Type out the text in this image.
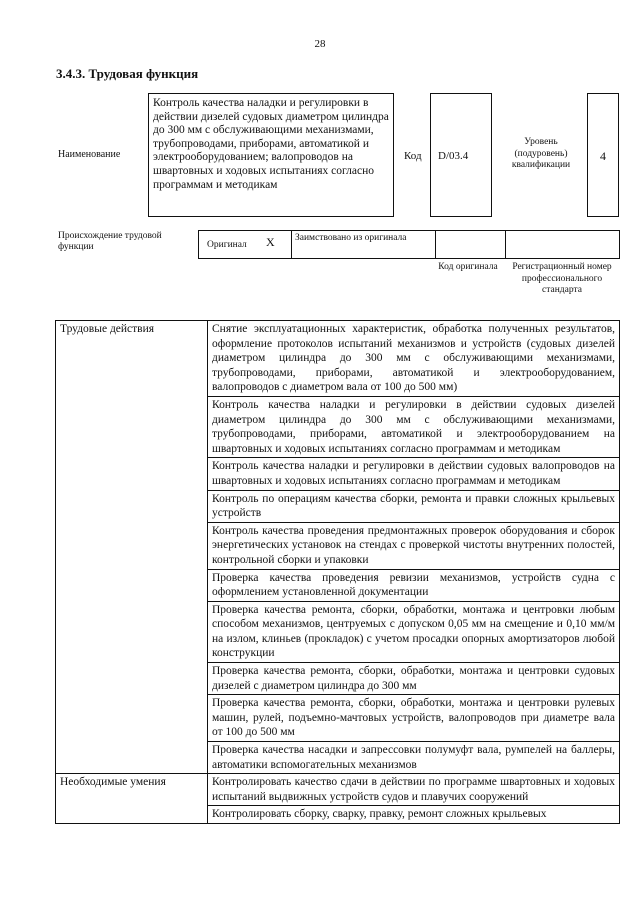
28
3.4.3. Трудовая функция
Наименование
Контроль качества наладки и регулировки в действии дизелей судовых диаметром цилиндра до 300 мм с обслуживающими механизмами, трубопроводами, приборами, автоматикой и электрооборудованием; валопроводов на швартовных и ходовых испытаниях согласно программам и методикам
Код D/03.4
Уровень (подуровень) квалификации
4
Происхождение трудовой функции	Оригинал X Заимствовано из оригинала
Код оригинала	Регистрационный номер профессионального стандарта
Трудовые действия	Снятие эксплуатационных характеристик, обработка полученных результатов, оформление протоколов испытаний механизмов и устройств (судовых дизелей диаметром цилиндра до 300 мм с обслуживающими механизмами, трубопроводами, приборами, автоматикой и электрооборудованием, валопроводов с диаметром вала от 100 до 500 мм)
	Контроль качества наладки и регулировки в действии судовых дизелей диаметром цилиндра до 300 мм с обслуживающими механизмами, трубопроводами, приборами, автоматикой и электрооборудованием на швартовных и ходовых испытаниях согласно программам и методикам
	Контроль качества наладки и регулировки в действии судовых валопроводов на швартовных и ходовых испытаниях согласно программам и методикам
	Контроль по операциям качества сборки, ремонта и правки сложных крыльевых устройств
	Контроль качества проведения предмонтажных проверок оборудования и сборок энергетических установок на стендах с проверкой чистоты внутренних полостей, контрольной сборки и упаковки
	Проверка качества проведения ревизии механизмов, устройств судна с оформлением установленной документации
	Проверка качества ремонта, сборки, обработки, монтажа и центровки любым способом механизмов, центруемых с допуском 0,05 мм на смещение и 0,10 мм/м на излом, клиньев (прокладок) с учетом просадки опорных амортизаторов любой конструкции
	Проверка качества ремонта, сборки, обработки, монтажа и центровки судовых дизелей с диаметром цилиндра до 300 мм
	Проверка качества ремонта, сборки, обработки, монтажа и центровки рулевых машин, рулей, подъемно-мачтовых устройств, валопроводов при диаметре вала от 100 до 500 мм
	Проверка качества насадки и запрессовки полумуфт вала, румпелей на баллеры, автоматики вспомогательных механизмов
Необходимые умения	Контролировать качество сдачи в действии по программе швартовных и ходовых испытаний выдвижных устройств судов и плавучих сооружений
	Контролировать сборку, сварку, правку, ремонт сложных крыльевых
